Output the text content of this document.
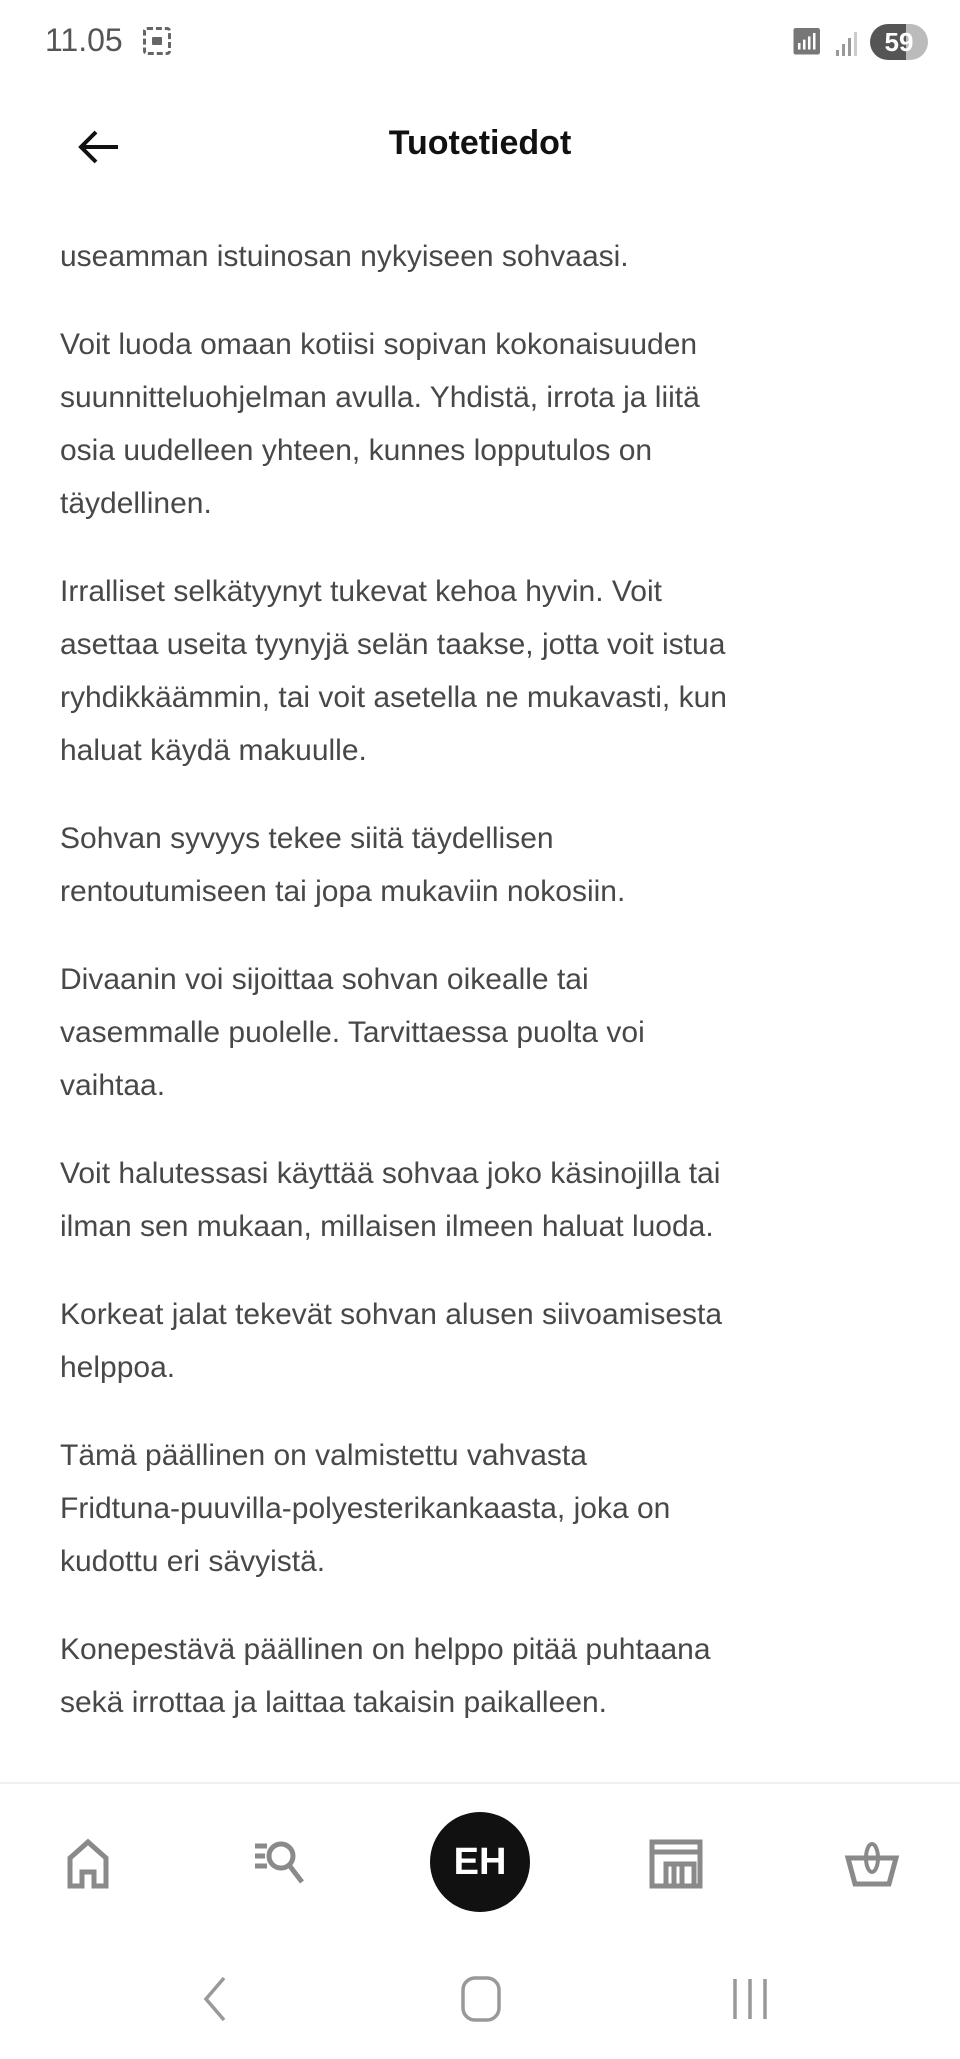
11.05	📶︎	59
Tuotetiedot

useamman istuinosan nykyiseen sohvaasi.

Voit luoda omaan kotiisi sopivan kokonaisuuden
suunnitteluohjelman avulla. Yhdistä, irrota ja liitä
osia uudelleen yhteen, kunnes lopputulos on
täydellinen.

Irralliset selkätyynyt tukevat kehoa hyvin. Voit
asettaa useita tyynyjä selän taakse, jotta voit istua
ryhdikkäämmin, tai voit asetella ne mukavasti, kun
haluat käydä makuulle.

Sohvan syvyys tekee siitä täydellisen
rentoutumiseen tai jopa mukaviin nokosiin.

Divaanin voi sijoittaa sohvan oikealle tai
vasemmalle puolelle. Tarvittaessa puolta voi
vaihtaa.

Voit halutessasi käyttää sohvaa joko käsinojilla tai
ilman sen mukaan, millaisen ilmeen haluat luoda.

Korkeat jalat tekevät sohvan alusen siivoamisesta
helppoa.

Tämä päällinen on valmistettu vahvasta
Fridtuna-puuvilla-polyesterikankaasta, joka on
kudottu eri sävyistä.

Konepestävä päällinen on helppo pitää puhtaana
sekä irrottaa ja laittaa takaisin paikalleen.

EH
